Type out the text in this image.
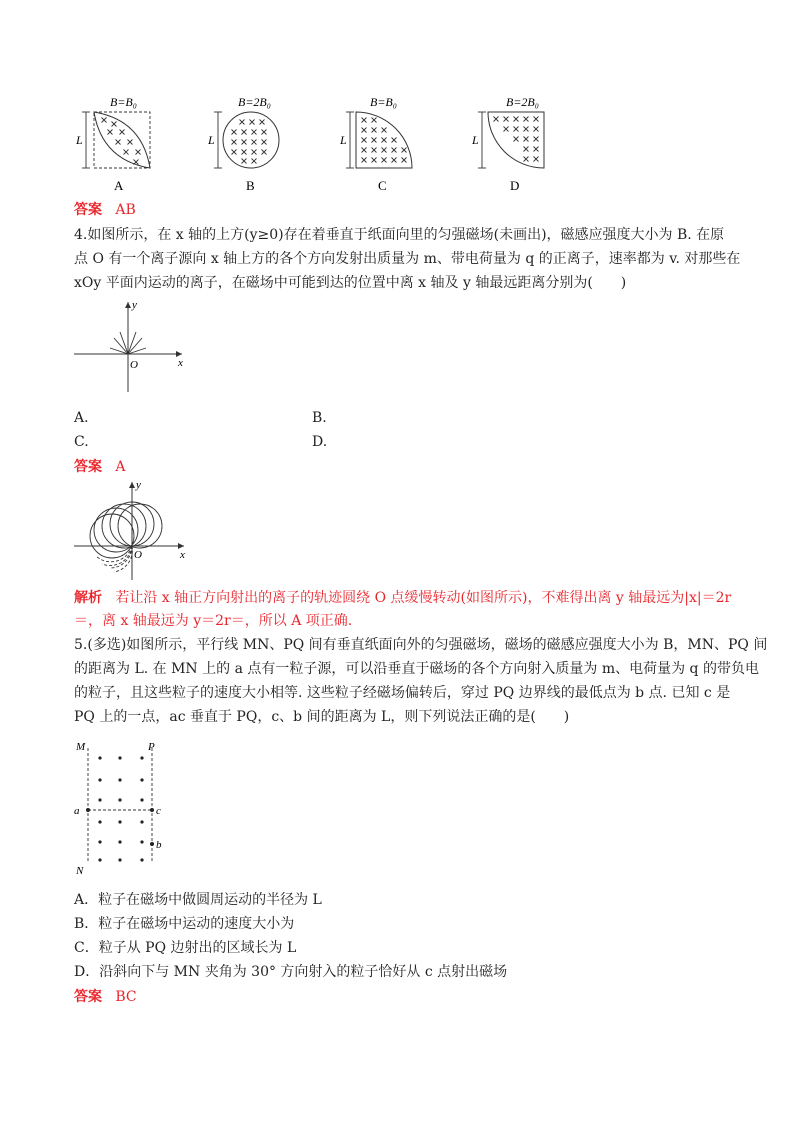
B=B₀
L
A
B=2B₀
L
B
B=B₀
L
C
B=2B₀
L
D
答案 AB
4.如图所示，在 x 轴的上方(y≥0)存在着垂直于纸面向里的匀强磁场(未画出)，磁感应强度大小为 B. 在原
点 O 有一个离子源向 x 轴上方的各个方向发射出质量为 m、带电荷量为 q 的正离子，速率都为 v. 对那些在
xOy 平面内运动的离子，在磁场中可能到达的位置中离 x 轴及 y 轴最远距离分别为(　　)
y
x
O
A.	B.
C.	D.
答案 A
y
x
O
解析 若让沿 x 轴正方向射出的离子的轨迹圆绕 O 点缓慢转动(如图所示)，不难得出离 y 轴最远为|x|＝2r
＝，离 x 轴最远为 y＝2r＝，所以 A 项正确.
5.(多选)如图所示，平行线 MN、PQ 间有垂直纸面向外的匀强磁场，磁场的磁感应强度大小为 B，MN、PQ 间
的距离为 L. 在 MN 上的 a 点有一粒子源，可以沿垂直于磁场的各个方向射入质量为 m、电荷量为 q 的带负电
的粒子，且这些粒子的速度大小相等. 这些粒子经磁场偏转后，穿过 PQ 边界线的最低点为 b 点. 已知 c 是
PQ 上的一点，ac 垂直于 PQ，c、b 间的距离为 L，则下列说法正确的是(　　)
M	P
a	c
b
N
A．粒子在磁场中做圆周运动的半径为 L
B．粒子在磁场中运动的速度大小为
C．粒子从 PQ 边射出的区域长为 L
D．沿斜向下与 MN 夹角为 30° 方向射入的粒子恰好从 c 点射出磁场
答案 BC
